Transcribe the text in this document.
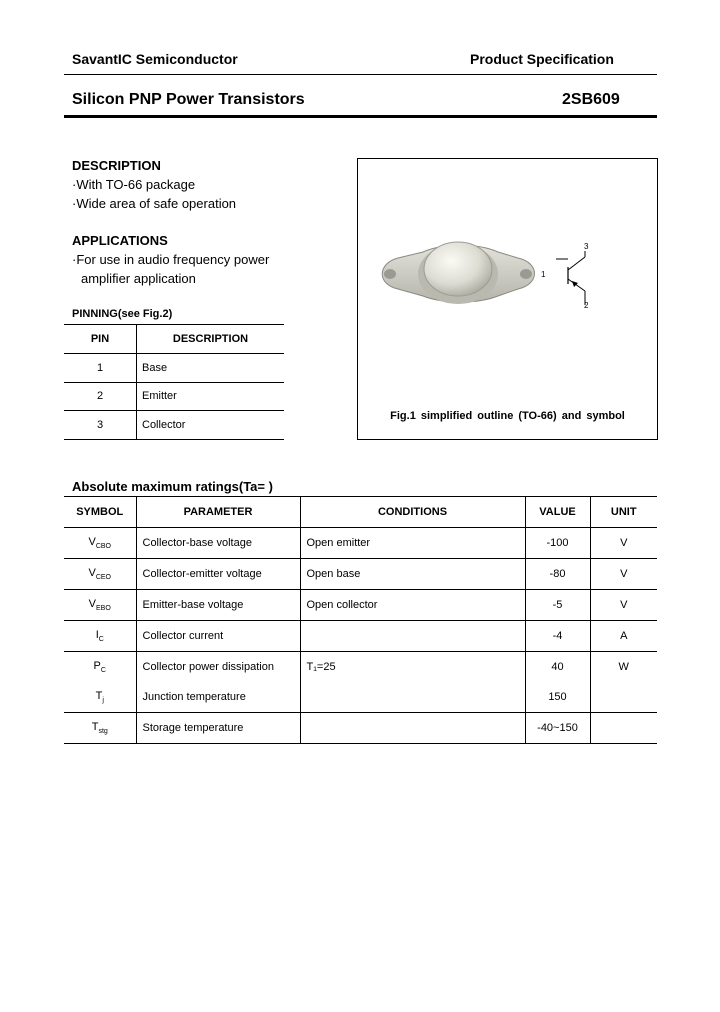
SavantIC Semiconductor	Product Specification
Silicon PNP Power Transistors	2SB609
DESCRIPTION
·With TO-66 package
·Wide area of safe operation
APPLICATIONS
·For use in audio frequency power
amplifier application
PINNING(see Fig.2)
PIN	DESCRIPTION
1	Base
2	Emitter
3	Collector
1
2
3
Fig.1 simplified outline (TO-66) and symbol
Absolute maximum ratings(Ta= )
SYMBOL	PARAMETER	CONDITIONS	VALUE	UNIT
$V_{CBO}$	Collector-base voltage	Open emitter	-100	V
$V_{CEO}$	Collector-emitter voltage	Open base	-80	V
$V_{EBO}$	Emitter-base voltage	Open collector	-5	V
$I_C$	Collector current		-4	A
$P_C$	Collector power dissipation	T₁=25	40	W
$T_j$	Junction temperature		150	
$T_{stg}$	Storage temperature		-40~150	
